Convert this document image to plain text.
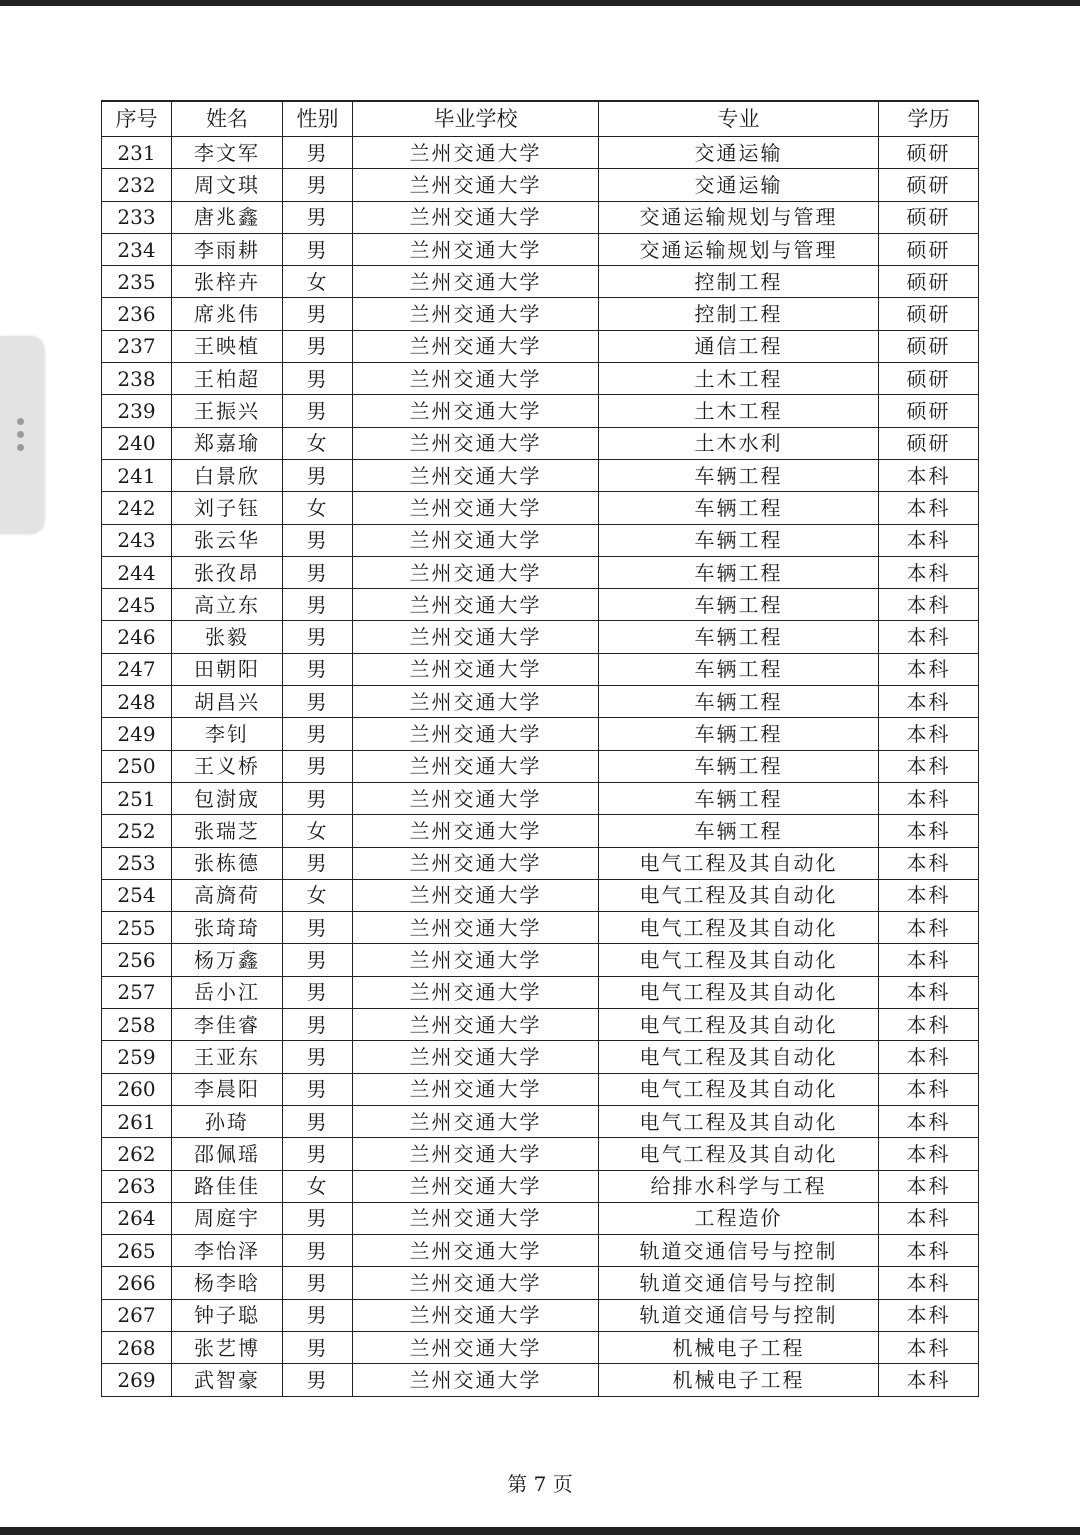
序号	姓名	性别	毕业学校	专业	学历
231	李文军	男	兰州交通大学	交通运输	硕研
232	周文琪	男	兰州交通大学	交通运输	硕研
233	唐兆鑫	男	兰州交通大学	交通运输规划与管理	硕研
234	李雨耕	男	兰州交通大学	交通运输规划与管理	硕研
235	张梓卉	女	兰州交通大学	控制工程	硕研
236	席兆伟	男	兰州交通大学	控制工程	硕研
237	王映植	男	兰州交通大学	通信工程	硕研
238	王柏超	男	兰州交通大学	土木工程	硕研
239	王振兴	男	兰州交通大学	土木工程	硕研
240	郑嘉瑜	女	兰州交通大学	土木水利	硕研
241	白景欣	男	兰州交通大学	车辆工程	本科
242	刘子钰	女	兰州交通大学	车辆工程	本科
243	张云华	男	兰州交通大学	车辆工程	本科
244	张孜昂	男	兰州交通大学	车辆工程	本科
245	高立东	男	兰州交通大学	车辆工程	本科
246	张毅	男	兰州交通大学	车辆工程	本科
247	田朝阳	男	兰州交通大学	车辆工程	本科
248	胡昌兴	男	兰州交通大学	车辆工程	本科
249	李钊	男	兰州交通大学	车辆工程	本科
250	王义桥	男	兰州交通大学	车辆工程	本科
251	包澍宬	男	兰州交通大学	车辆工程	本科
252	张瑞芝	女	兰州交通大学	车辆工程	本科
253	张栋德	男	兰州交通大学	电气工程及其自动化	本科
254	高旖荷	女	兰州交通大学	电气工程及其自动化	本科
255	张琦琦	男	兰州交通大学	电气工程及其自动化	本科
256	杨万鑫	男	兰州交通大学	电气工程及其自动化	本科
257	岳小江	男	兰州交通大学	电气工程及其自动化	本科
258	李佳睿	男	兰州交通大学	电气工程及其自动化	本科
259	王亚东	男	兰州交通大学	电气工程及其自动化	本科
260	李晨阳	男	兰州交通大学	电气工程及其自动化	本科
261	孙琦	男	兰州交通大学	电气工程及其自动化	本科
262	邵佩瑶	男	兰州交通大学	电气工程及其自动化	本科
263	路佳佳	女	兰州交通大学	给排水科学与工程	本科
264	周庭宇	男	兰州交通大学	工程造价	本科
265	李怡泽	男	兰州交通大学	轨道交通信号与控制	本科
266	杨李晗	男	兰州交通大学	轨道交通信号与控制	本科
267	钟子聪	男	兰州交通大学	轨道交通信号与控制	本科
268	张艺博	男	兰州交通大学	机械电子工程	本科
269	武智豪	男	兰州交通大学	机械电子工程	本科
第 7 页
